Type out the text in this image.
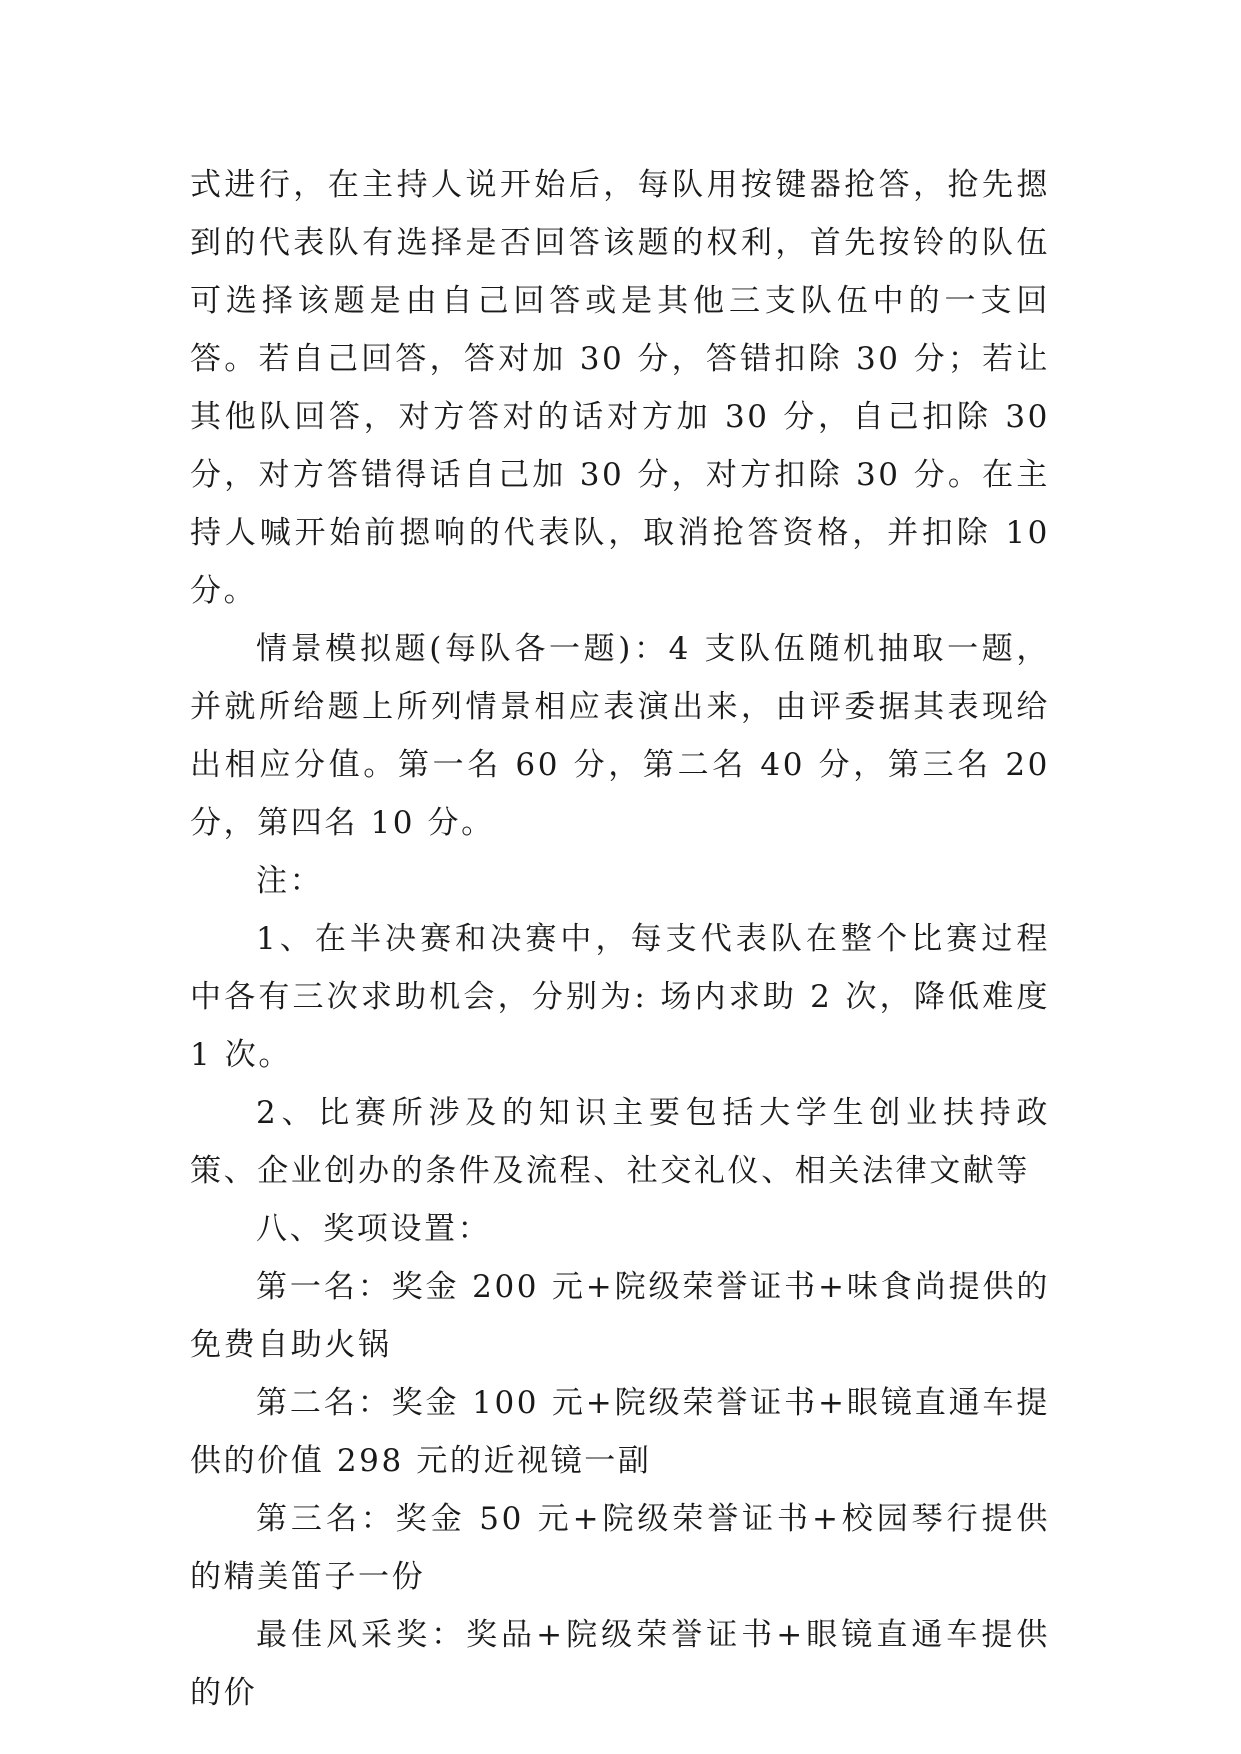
式进行，在主持人说开始后，每队用按键器抢答，抢先摁到的代表队有选择是否回答该题的权利，首先按铃的队伍可选择该题是由自己回答或是其他三支队伍中的一支回答。若自己回答，答对加 30 分，答错扣除 30 分；若让其他队回答，对方答对的话对方加 30 分，自己扣除 30 分，对方答错得话自己加 30 分，对方扣除 30 分。在主持人喊开始前摁响的代表队，取消抢答资格，并扣除 10 分。

情景模拟题(每队各一题)：4 支队伍随机抽取一题，并就所给题上所列情景相应表演出来，由评委据其表现给出相应分值。第一名 60 分，第二名 40 分，第三名 20 分，第四名 10 分。

注：

1、在半决赛和决赛中，每支代表队在整个比赛过程中各有三次求助机会，分别为: 场内求助 2 次，降低难度 1 次。

2、比赛所涉及的知识主要包括大学生创业扶持政策、企业创办的条件及流程、社交礼仪、相关法律文献等

八、奖项设置：

第一名：奖金 200 元+院级荣誉证书+味食尚提供的免费自助火锅

第二名：奖金 100 元+院级荣誉证书+眼镜直通车提供的价值 298 元的近视镜一副

第三名：奖金 50 元+院级荣誉证书+校园琴行提供的精美笛子一份

最佳风采奖：奖品+院级荣誉证书+眼镜直通车提供的价
